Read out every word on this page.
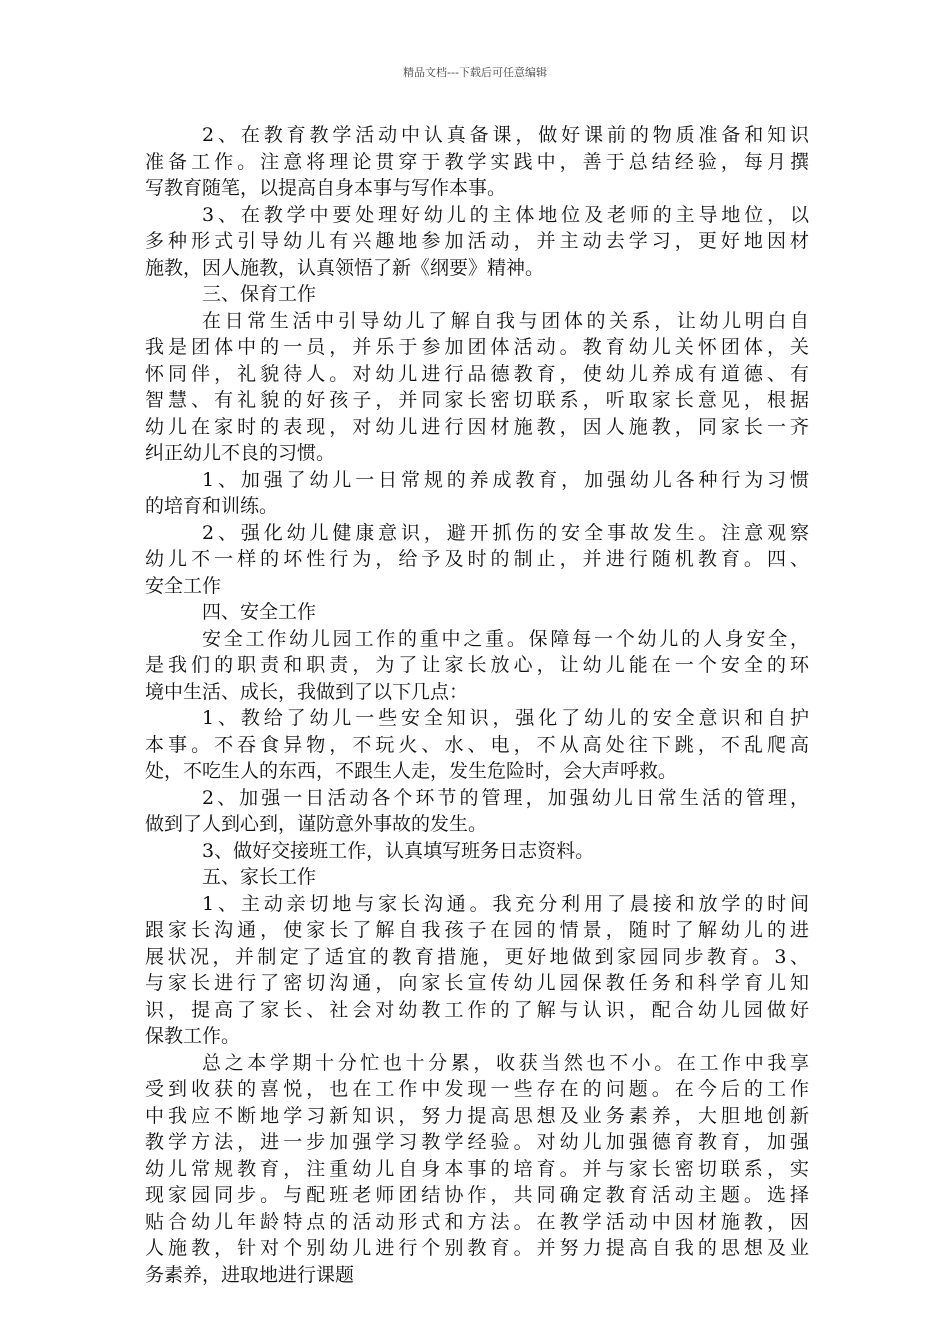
精品文档---下载后可任意编辑
2、在教育教学活动中认真备课，做好课前的物质准备和知识
准备工作。注意将理论贯穿于教学实践中，善于总结经验，每月撰
写教育随笔，以提高自身本事与写作本事。
3、在教学中要处理好幼儿的主体地位及老师的主导地位，以
多种形式引导幼儿有兴趣地参加活动，并主动去学习，更好地因材
施教，因人施教，认真领悟了新《纲要》精神。
三、保育工作
在日常生活中引导幼儿了解自我与团体的关系，让幼儿明白自
我是团体中的一员，并乐于参加团体活动。教育幼儿关怀团体，关
怀同伴，礼貌待人。对幼儿进行品德教育，使幼儿养成有道德、有
智慧、有礼貌的好孩子，并同家长密切联系，听取家长意见，根据
幼儿在家时的表现，对幼儿进行因材施教，因人施教，同家长一齐
纠正幼儿不良的习惯。
1、加强了幼儿一日常规的养成教育，加强幼儿各种行为习惯
的培育和训练。
2、强化幼儿健康意识，避开抓伤的安全事故发生。注意观察
幼儿不一样的坏性行为，给予及时的制止，并进行随机教育。四、
安全工作
四、安全工作
安全工作幼儿园工作的重中之重。保障每一个幼儿的人身安全，
是我们的职责和职责，为了让家长放心，让幼儿能在一个安全的环
境中生活、成长，我做到了以下几点：
1、教给了幼儿一些安全知识，强化了幼儿的安全意识和自护
本事。不吞食异物，不玩火、水、电，不从高处往下跳，不乱爬高
处，不吃生人的东西，不跟生人走，发生危险时，会大声呼救。
2、加强一日活动各个环节的管理，加强幼儿日常生活的管理，
做到了人到心到，谨防意外事故的发生。
3、做好交接班工作，认真填写班务日志资料。
五、家长工作
1、主动亲切地与家长沟通。我充分利用了晨接和放学的时间
跟家长沟通，使家长了解自我孩子在园的情景，随时了解幼儿的进
展状况，并制定了适宜的教育措施，更好地做到家园同步教育。3、
与家长进行了密切沟通，向家长宣传幼儿园保教任务和科学育儿知
识，提高了家长、社会对幼教工作的了解与认识，配合幼儿园做好
保教工作。
总之本学期十分忙也十分累，收获当然也不小。在工作中我享
受到收获的喜悦，也在工作中发现一些存在的问题。在今后的工作
中我应不断地学习新知识，努力提高思想及业务素养，大胆地创新
教学方法，进一步加强学习教学经验。对幼儿加强德育教育，加强
幼儿常规教育，注重幼儿自身本事的培育。并与家长密切联系，实
现家园同步。与配班老师团结协作，共同确定教育活动主题。选择
贴合幼儿年龄特点的活动形式和方法。在教学活动中因材施教，因
人施教，针对个别幼儿进行个别教育。并努力提高自我的思想及业
务素养，进取地进行课题
